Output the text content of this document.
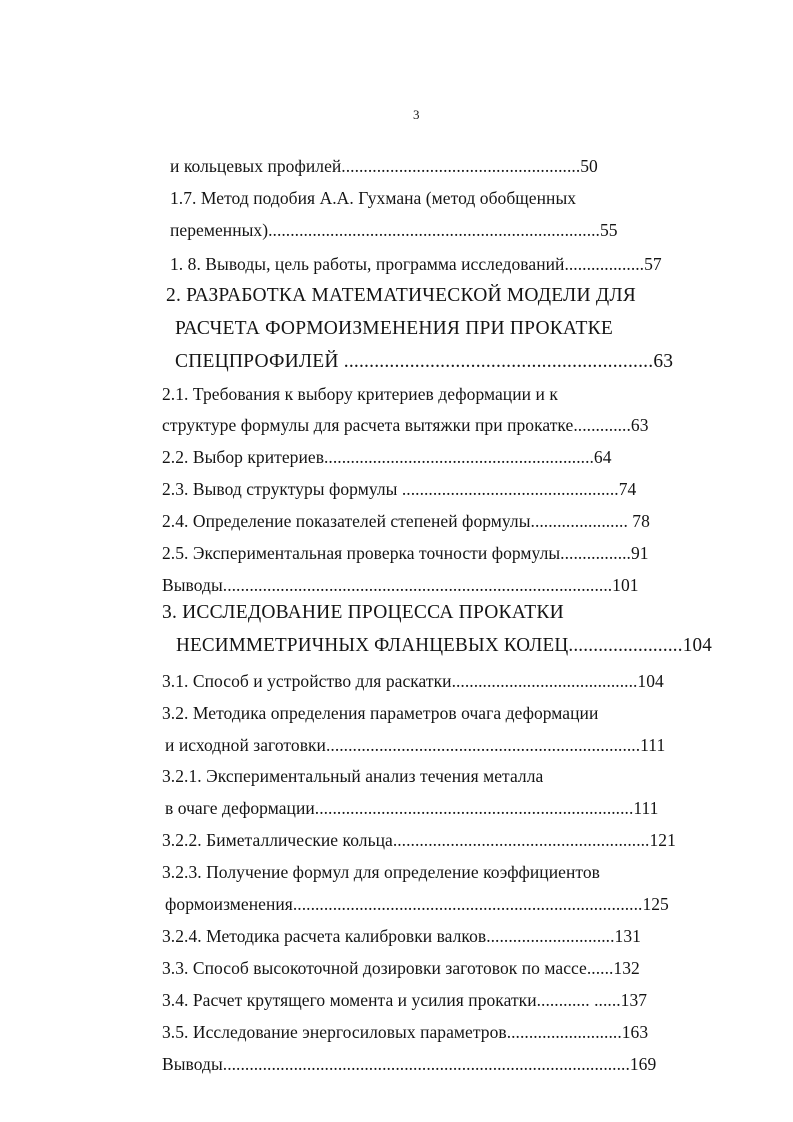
3
и кольцевых профилей......................................................50
1.7. Метод подобия А.А. Гухмана (метод обобщенных
переменных)...........................................................................55
1. 8. Выводы, цель работы, программа исследований..................57
2. РАЗРАБОТКА МАТЕМАТИЧЕСКОЙ МОДЕЛИ ДЛЯ
РАСЧЕТА ФОРМОИЗМЕНЕНИЯ ПРИ ПРОКАТКЕ
СПЕЦПРОФИЛЕЙ .............................................................63
2.1. Требования к выбору критериев деформации и к
структуре формулы для расчета вытяжки при прокатке.............63
2.2. Выбор критериев.............................................................64
2.3. Вывод структуры формулы .................................................74
2.4. Определение показателей степеней формулы...................... 78
2.5. Экспериментальная проверка точности формулы................91
Выводы........................................................................................101
3. ИССЛЕДОВАНИЕ ПРОЦЕССА ПРОКАТКИ
НЕСИММЕТРИЧНЫХ ФЛАНЦЕВЫХ КОЛЕЦ.......................104
3.1. Способ и устройство для раскатки..........................................104
3.2. Методика определения параметров очага деформации
и исходной заготовки.......................................................................111
3.2.1. Экспериментальный анализ течения металла
в очаге деформации........................................................................111
3.2.2. Биметаллические кольца..........................................................121
3.2.3. Получение формул для определение коэффициентов
формоизменения...............................................................................125
3.2.4. Методика расчета калибровки валков.............................131
3.3. Способ высокоточной дозировки заготовок по массе......132
3.4. Расчет крутящего момента и усилия прокатки............ ......137
3.5. Исследование энергосиловых параметров..........................163
Выводы............................................................................................169
